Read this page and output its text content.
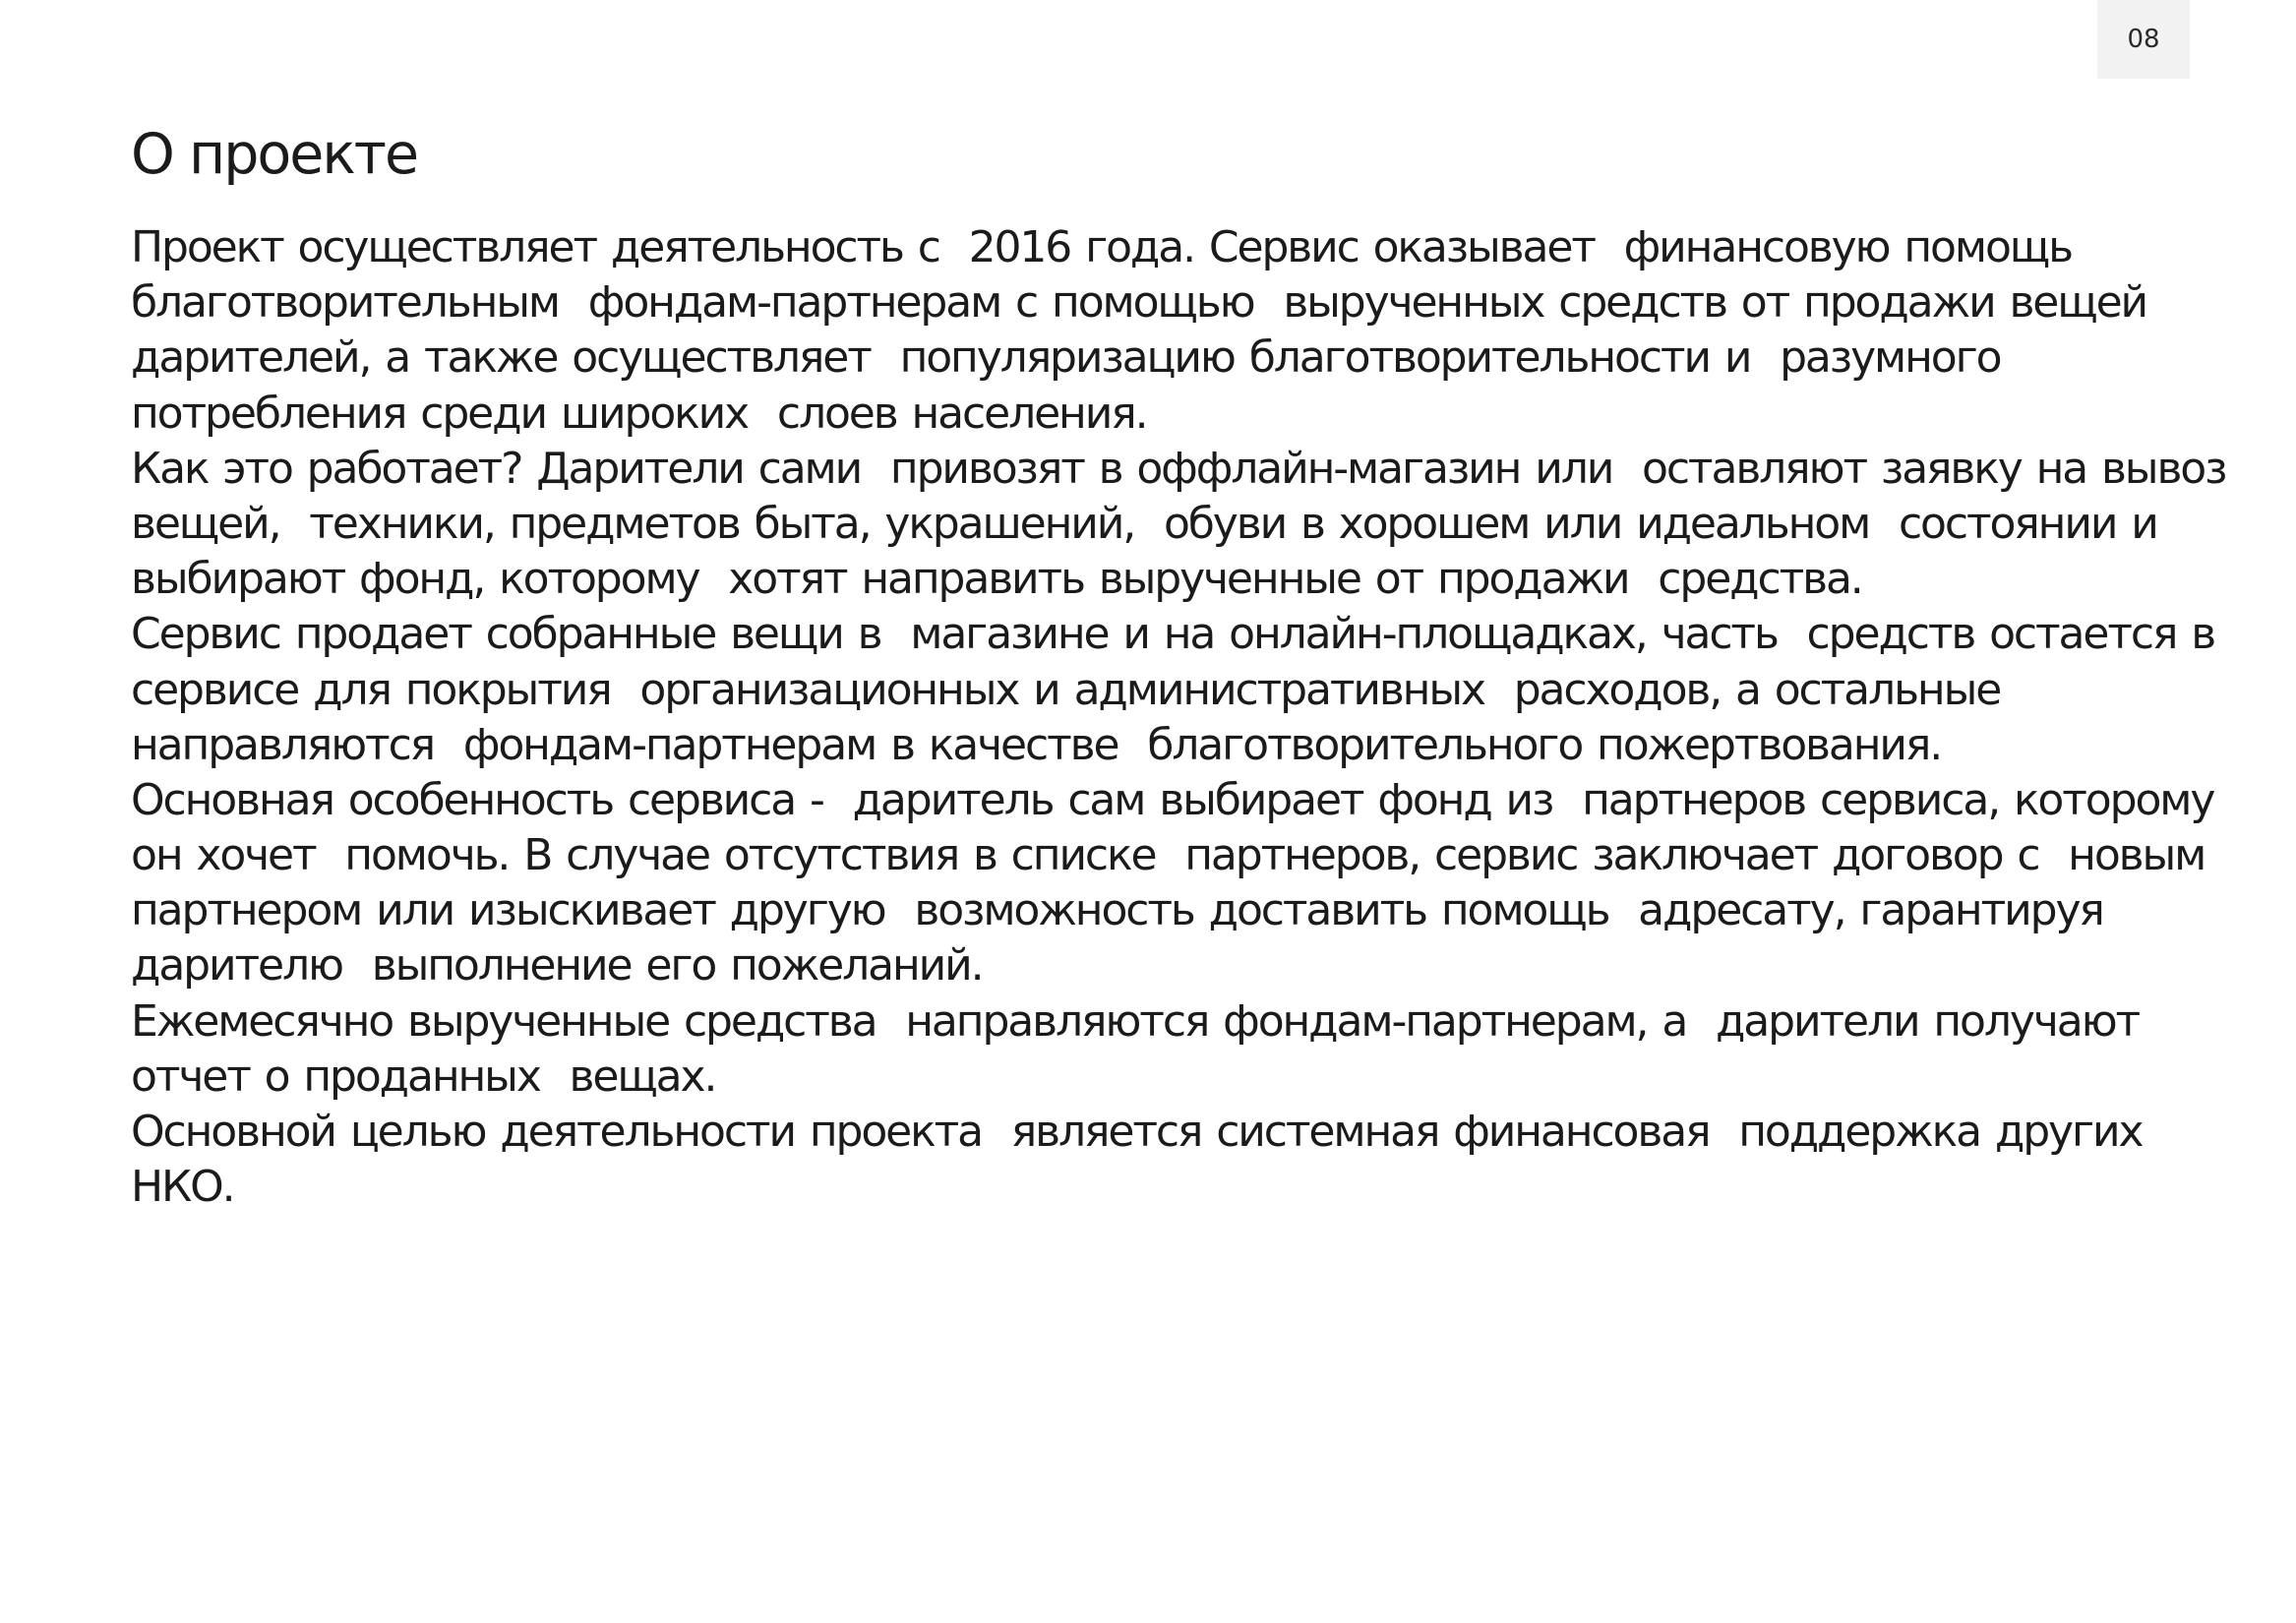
08
О проекте
Проект осуществляет деятельность с  2016 года. Сервис оказывает  финансовую помощь
благотворительным  фондам-партнерам с помощью  вырученных средств от продажи вещей
дарителей, а также осуществляет  популяризацию благотворительности и  разумного
потребления среди широких  слоев населения.
Как это работает? Дарители сами  привозят в оффлайн-магазин или  оставляют заявку на вывоз
вещей,  техники, предметов быта, украшений,  обуви в хорошем или идеальном  состоянии и
выбирают фонд, которому  хотят направить вырученные от продажи  средства.
Сервис продает собранные вещи в  магазине и на онлайн-площадках, часть  средств остается в
сервисе для покрытия  организационных и административных  расходов, а остальные
направляются  фондам-партнерам в качестве  благотворительного пожертвования.
Основная особенность сервиса -  даритель сам выбирает фонд из  партнеров сервиса, которому
он хочет  помочь. В случае отсутствия в списке  партнеров, сервис заключает договор с  новым
партнером или изыскивает другую  возможность доставить помощь  адресату, гарантируя
дарителю  выполнение его пожеланий.
Ежемесячно вырученные средства  направляются фондам-партнерам, а  дарители получают
отчет о проданных  вещах.
Основной целью деятельности проекта  является системная финансовая  поддержка других
НКО.
